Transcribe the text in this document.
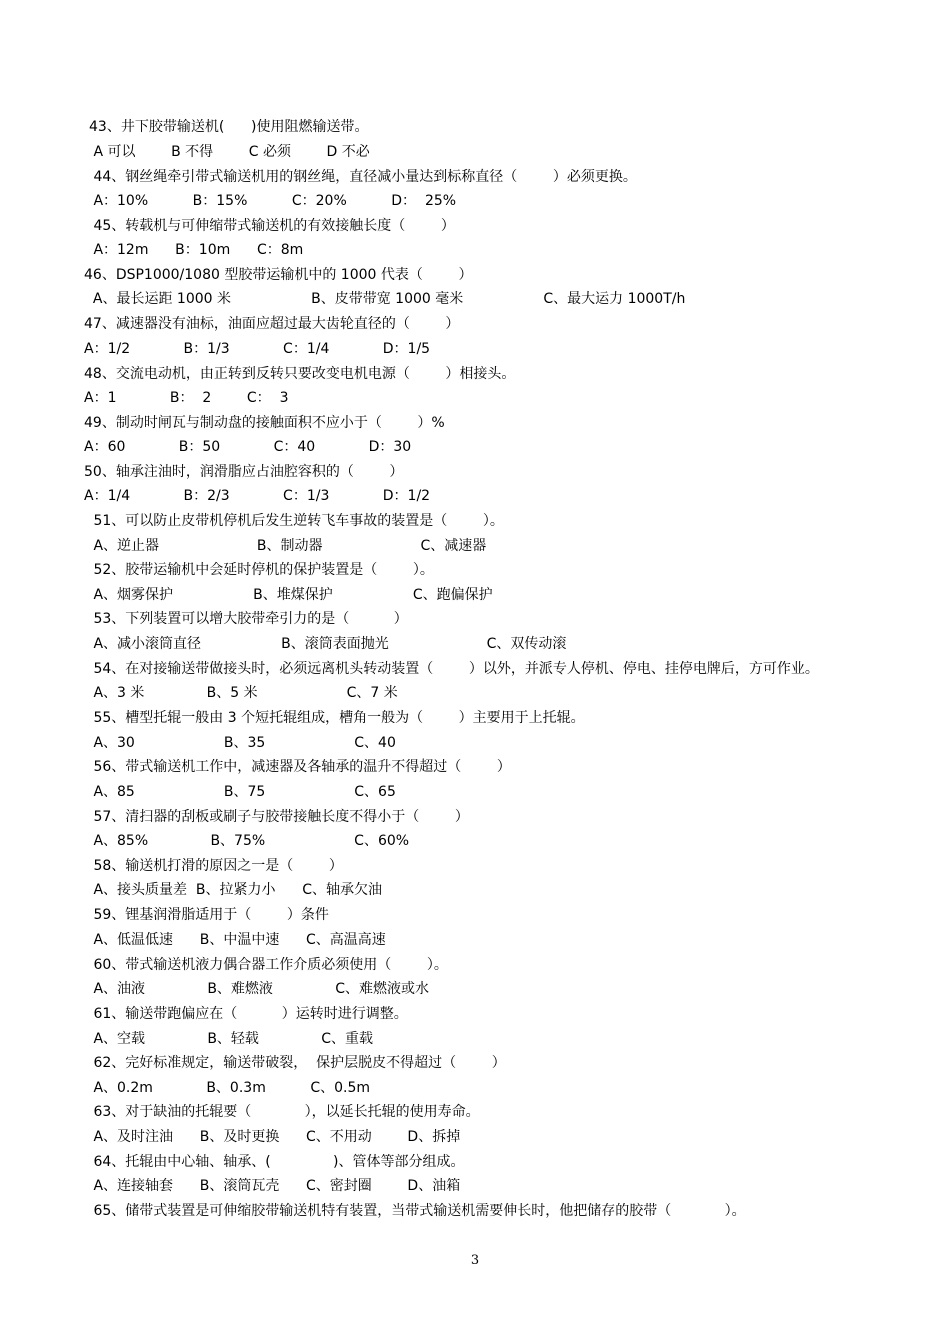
43、井下胶带输送机(      )使用阻燃输送带。
A 可以        B 不得        C 必须        D 不必
44、钢丝绳牵引带式输送机用的钢丝绳，直径减小量达到标称直径（        ）必须更换。
A：10%          B：15%          C：20%          D：  25%
45、转载机与可伸缩带式输送机的有效接触长度（        ）
A：12m      B：10m      C：8m
46、DSP1000/1080 型胶带运输机中的 1000 代表（        ）
A、最长运距 1000 米                  B、皮带带宽 1000 毫米                  C、最大运力 1000T/h
47、减速器没有油标，油面应超过最大齿轮直径的（        ）
A：1/2            B：1/3            C：1/4            D：1/5
48、交流电动机，由正转到反转只要改变电机电源（        ）相接头。
A：1            B：  2        C：  3
49、制动时闸瓦与制动盘的接触面积不应小于（        ）%
A：60            B：50            C：40            D：30
50、轴承注油时，润滑脂应占油腔容积的（        ）
A：1/4            B：2/3            C：1/3            D：1/2
51、可以防止皮带机停机后发生逆转飞车事故的装置是（        ）。
A、逆止器                      B、制动器                      C、减速器
52、胶带运输机中会延时停机的保护装置是（        ）。
A、烟雾保护                  B、堆煤保护                  C、跑偏保护
53、下列装置可以增大胶带牵引力的是（          ）
A、减小滚筒直径                  B、滚筒表面抛光                      C、双传动滚
54、在对接输送带做接头时，必须远离机头转动装置（        ）以外，并派专人停机、停电、挂停电牌后，方可作业。
A、3 米              B、5 米                    C、7 米
55、槽型托辊一般由 3 个短托辊组成，槽角一般为（        ）主要用于上托辊。
A、30                    B、35                    C、40
56、带式输送机工作中，减速器及各轴承的温升不得超过（        ）
A、85                    B、75                    C、65
57、清扫器的刮板或刷子与胶带接触长度不得小于（        ）
A、85%              B、75%                    C、60%
58、输送机打滑的原因之一是（        ）
A、接头质量差  B、拉紧力小      C、轴承欠油
59、锂基润滑脂适用于（        ）条件
A、低温低速      B、中温中速      C、高温高速
60、带式输送机液力偶合器工作介质必须使用（        ）。
A、油液              B、难燃液              C、难燃液或水
61、输送带跑偏应在（          ）运转时进行调整。
A、空载              B、轻载              C、重载
62、完好标准规定，输送带破裂，  保护层脱皮不得超过（        ）
A、0.2m            B、0.3m          C、0.5m
63、对于缺油的托辊要（            ），以延长托辊的使用寿命。
A、及时注油      B、及时更换      C、不用动        D、拆掉
64、托辊由中心轴、轴承、(              )、管体等部分组成。
A、连接轴套      B、滚筒瓦壳      C、密封圈        D、油箱
65、储带式装置是可伸缩胶带输送机特有装置，当带式输送机需要伸长时，他把储存的胶带（            ）。
3
